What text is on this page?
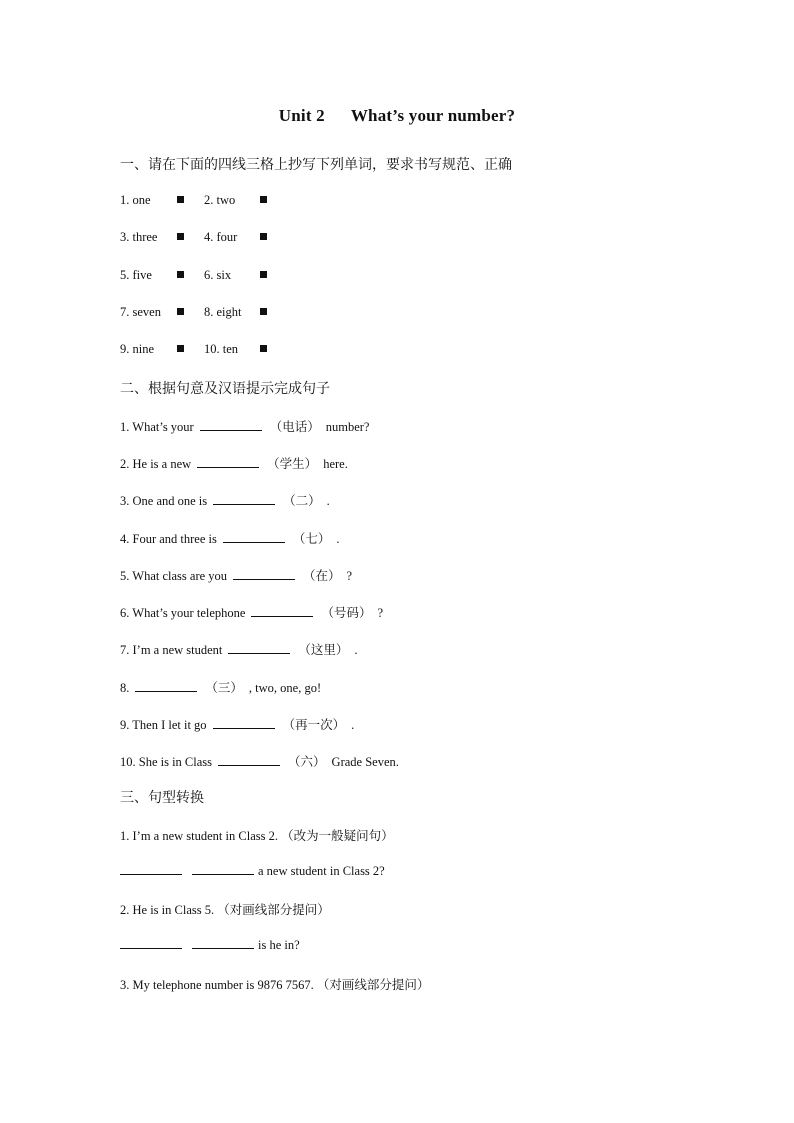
Unit 2 What’s your number?
一、请在下面的四线三格上抄写下列单词，要求书写规范、正确
1. one	2. two
3. three	4. four
5. five	6. six
7. seven	8. eight
9. nine	10. ten
二、根据句意及汉语提示完成句子
1. What’s your	（电话） number?
2. He is a new	（学生） here.
3. One and one is	（二） .
4. Four and three is	（七） .
5. What class are you	（在） ?
6. What’s your telephone	（号码） ?
7. I’m a new student	（这里） .
8.	（三） , two, one, go!
9. Then I let it go	（再一次） .
10. She is in Class	（六） Grade Seven.
三、句型转换
1. I’m a new student in Class 2. （改为一般疑问句）
a new student in Class 2?
2. He is in Class 5. （对画线部分提问）
is he in?
3. My telephone number is 9876 7567. （对画线部分提问）
